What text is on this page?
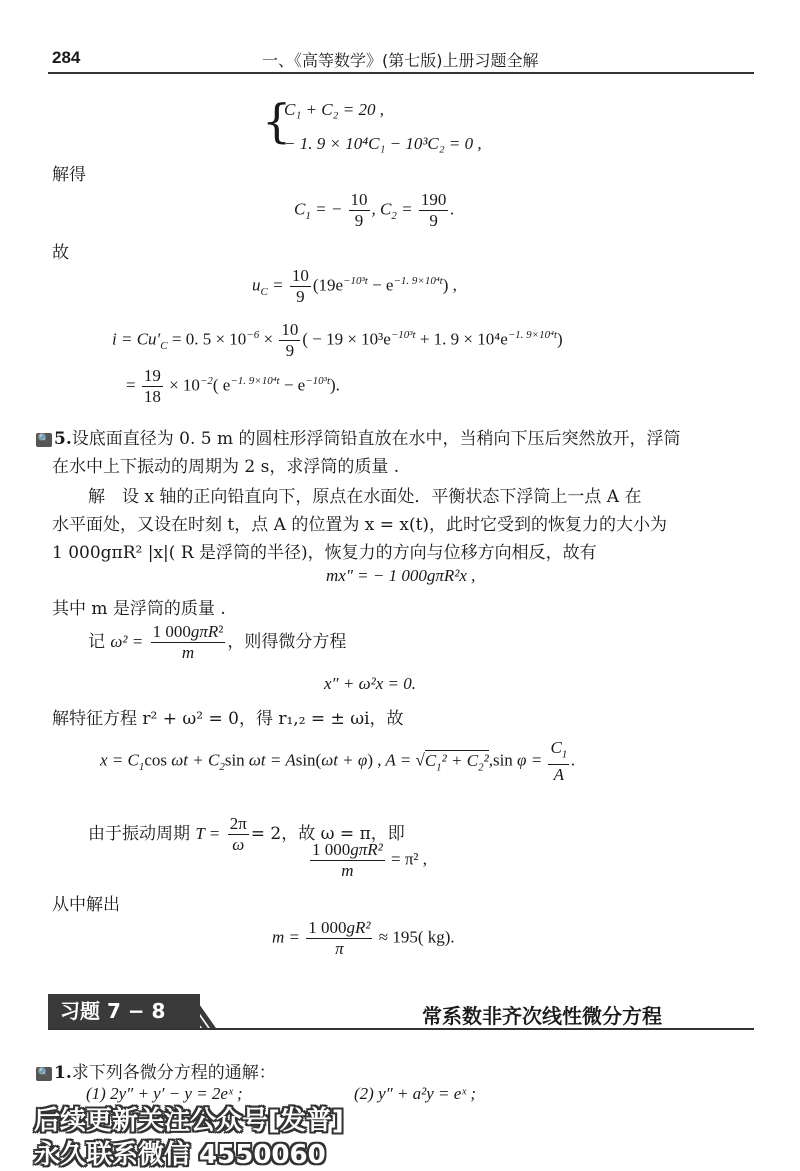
284	一、《高等数学》(第七版)上册习题全解
{
C₁ + C₂ = 20 ,
− 1. 9 × 10⁴C₁ − 10³C₂ = 0 ,
解得
$C_1$ = − $\frac{10}{9}$ , $C_2 = \frac{190}{9}$ .
故
$u_C = \frac{10}{9} (19e^{-10^3t} - e^{-1. 9\times 10^4t})$ ,
$i = Cu'_C = 0$. $5 \times 10^{-6} \times \frac{10}{9}$ ( − $19 \times 10^3e^{-10^3t} + 1$. $9 \times 10^4e^{-1. 9\times 10^4t}$)
= $\frac{19}{18} \times 10^{-2}$( $e^{-1. 9\times 10^4t} - e^{-10^3t}$).
🔍 5.设底面直径为 0. 5 m 的圆柱形浮筒铅直放在水中，当稍向下压后突然放开，浮筒
在水中上下振动的周期为 2 s，求浮筒的质量 .
解　设 x 轴的正向铅直向下，原点在水面处．平衡状态下浮筒上一点 A 在
水平面处，又设在时刻 t，点 A 的位置为 x = x(t)，此时它受到的恢复力的大小为
1 000gπR² |x|( R 是浮筒的半径)，恢复力的方向与位移方向相反，故有
mx″ = − 1 000gπR²x ,
其中 m 是浮筒的质量 .
记 $\omega^2 = \frac{\text{1 000gπR²}}{m}$ ，则得微分方程
x″ + ω²x = 0.
解特征方程 r² + ω² = 0，得 r₁,₂ = ± ωi，故
$x = C_1\cos$ $\omega t + C_2\sin$ ωt = Asin(ωt + φ) , $A = √C_1^2 + C_2^2,\sin$ $\varphi = \frac{C_1}{A}$ .
由于振动周期 $T = \frac{2\pi}{\omega} = 2$，故 ω = π，即
$\frac{\text{1 000gπR²}}{m} = \pi^2$ ,
从中解出
$m = \frac{\text{1 000gR²}}{\pi} \approx 195$( kg).
习题 7 − 8	常系数非齐次线性微分方程
🔍 1.求下列各微分方程的通解：
(1) 2y″ + y′ − y = 2eˣ ;	(2) y″ + a²y = eˣ ;
后续更新关注公众号[发普]
永久联系微信 4550060
